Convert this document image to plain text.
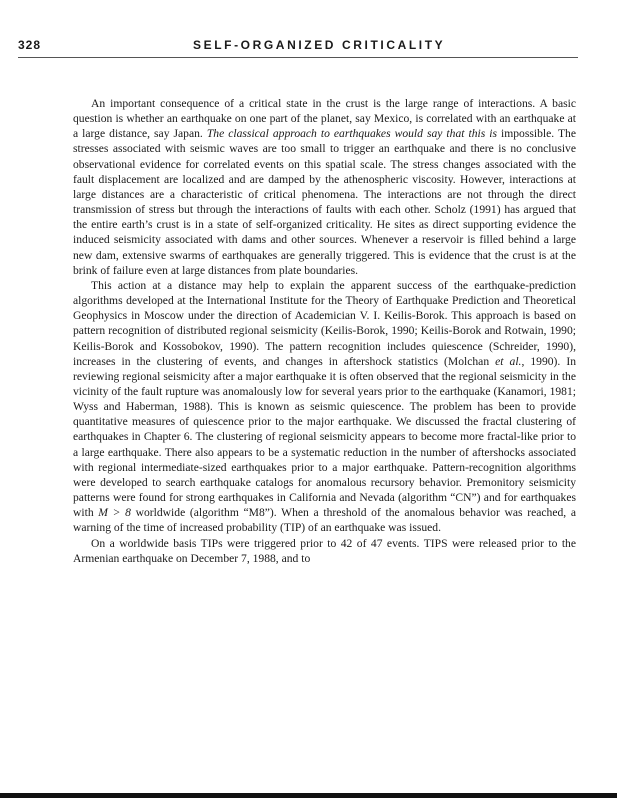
328	SELF-ORGANIZED CRITICALITY

An important consequence of a critical state in the crust is the large range of interactions. A basic question is whether an earthquake on one part of the planet, say Mexico, is correlated with an earthquake at a large distance, say Japan. The classical approach to earthquakes would say that this is impossible. The stresses associated with seismic waves are too small to trigger an earthquake and there is no conclusive observational evidence for correlated events on this spatial scale. The stress changes associated with the fault displacement are localized and are damped by the athenospheric viscosity. However, interactions at large distances are a characteristic of critical phenomena. The interactions are not through the direct transmission of stress but through the interactions of faults with each other. Scholz (1991) has argued that the entire earth’s crust is in a state of self-organized criticality. He sites as direct supporting evidence the induced seismicity associated with dams and other sources. Whenever a reservoir is filled behind a large new dam, extensive swarms of earthquakes are generally triggered. This is evidence that the crust is at the brink of failure even at large distances from plate boundaries.

This action at a distance may help to explain the apparent success of the earthquake-prediction algorithms developed at the International Institute for the Theory of Earthquake Prediction and Theoretical Geophysics in Moscow under the direction of Academician V. I. Keilis-Borok. This approach is based on pattern recognition of distributed regional seismicity (Keilis-Borok, 1990; Keilis-Borok and Rotwain, 1990; Keilis-Borok and Kossobokov, 1990). The pattern recognition includes quiescence (Schreider, 1990), increases in the clustering of events, and changes in aftershock statistics (Molchan et al., 1990). In reviewing regional seismicity after a major earthquake it is often observed that the regional seismicity in the vicinity of the fault rupture was anomalously low for several years prior to the earthquake (Kanamori, 1981; Wyss and Haberman, 1988). This is known as seismic quiescence. The problem has been to provide quantitative measures of quiescence prior to the major earthquake. We discussed the fractal clustering of earthquakes in Chapter 6. The clustering of regional seismicity appears to become more fractal-like prior to a large earthquake. There also appears to be a systematic reduction in the number of aftershocks associated with regional intermediate-sized earthquakes prior to a major earthquake. Pattern-recognition algorithms were developed to search earthquake catalogs for anomalous recursory behavior. Premonitory seismicity patterns were found for strong earthquakes in California and Nevada (algorithm “CN”) and for earthquakes with M > 8 worldwide (algorithm “M8”). When a threshold of the anomalous behavior was reached, a warning of the time of increased probability (TIP) of an earthquake was issued.

On a worldwide basis TIPs were triggered prior to 42 of 47 events. TIPS were released prior to the Armenian earthquake on December 7, 1988, and to
